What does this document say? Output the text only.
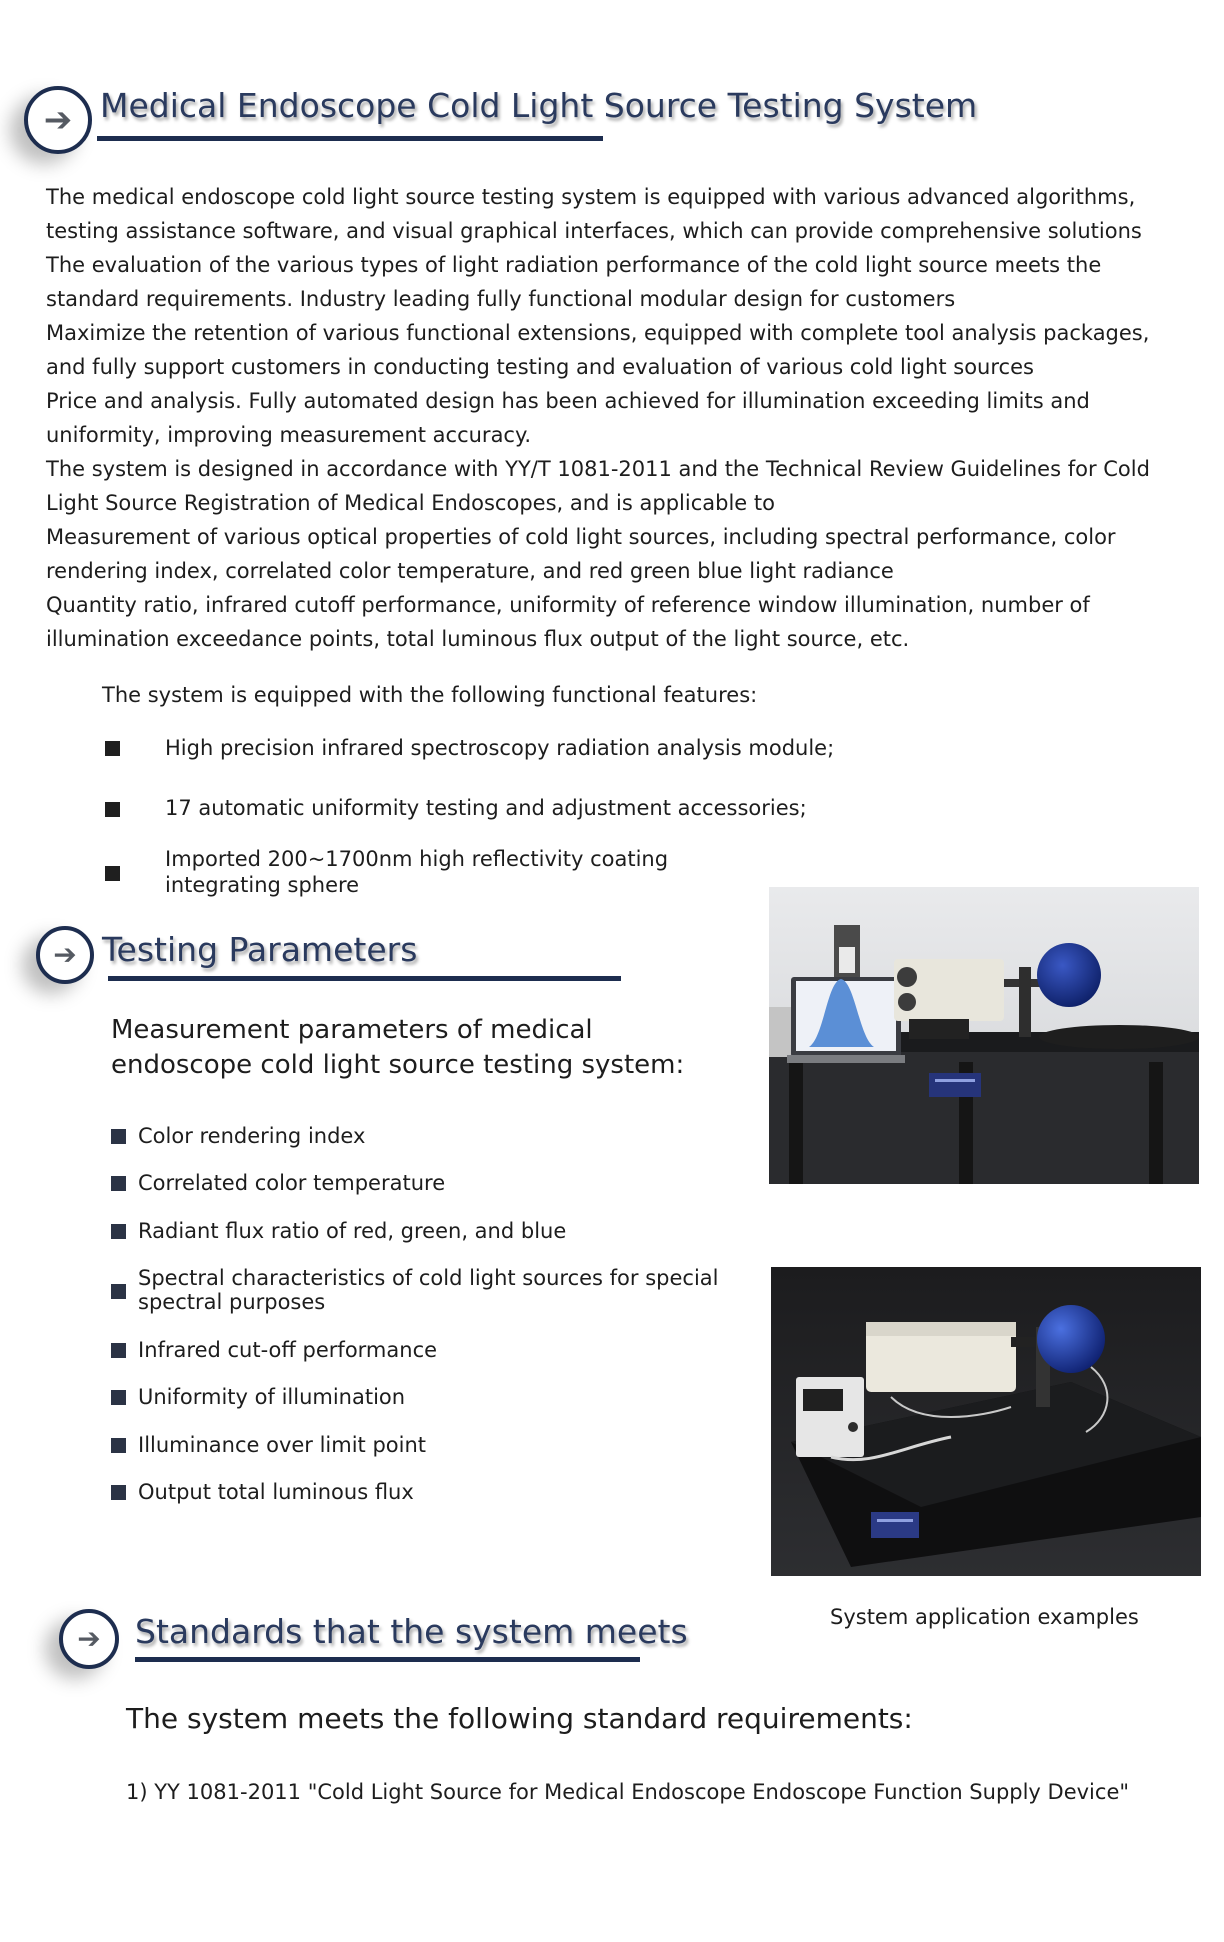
➔ Medical Endoscope Cold Light Source Testing System

The medical endoscope cold light source testing system is equipped with various advanced algorithms, testing assistance software, and visual graphical interfaces, which can provide comprehensive solutions

The evaluation of the various types of light radiation performance of the cold light source meets the standard requirements. Industry leading fully functional modular design for customers

Maximize the retention of various functional extensions, equipped with complete tool analysis packages, and fully support customers in conducting testing and evaluation of various cold light sources

Price and analysis. Fully automated design has been achieved for illumination exceeding limits and uniformity, improving measurement accuracy.

The system is designed in accordance with YY/T 1081-2011 and the Technical Review Guidelines for Cold Light Source Registration of Medical Endoscopes, and is applicable to

Measurement of various optical properties of cold light sources, including spectral performance, color rendering index, correlated color temperature, and red green blue light radiance

Quantity ratio, infrared cutoff performance, uniformity of reference window illumination, number of illumination exceedance points, total luminous flux output of the light source, etc.

The system is equipped with the following functional features:
High precision infrared spectroscopy radiation analysis module;
17 automatic uniformity testing and adjustment accessories;
Imported 200~1700nm high reflectivity coating integrating sphere
➔ Testing Parameters
Measurement parameters of medical endoscope cold light source testing system:
Color rendering index
Correlated color temperature
Radiant flux ratio of red, green, and blue
Spectral characteristics of cold light sources for special spectral purposes
Infrared cut-off performance
Uniformity of illumination
Illuminance over limit point
Output total luminous flux
System application examples
➔ Standards that the system meets
The system meets the following standard requirements:
1) YY 1081-2011 "Cold Light Source for Medical Endoscope Endoscope Function Supply Device"
